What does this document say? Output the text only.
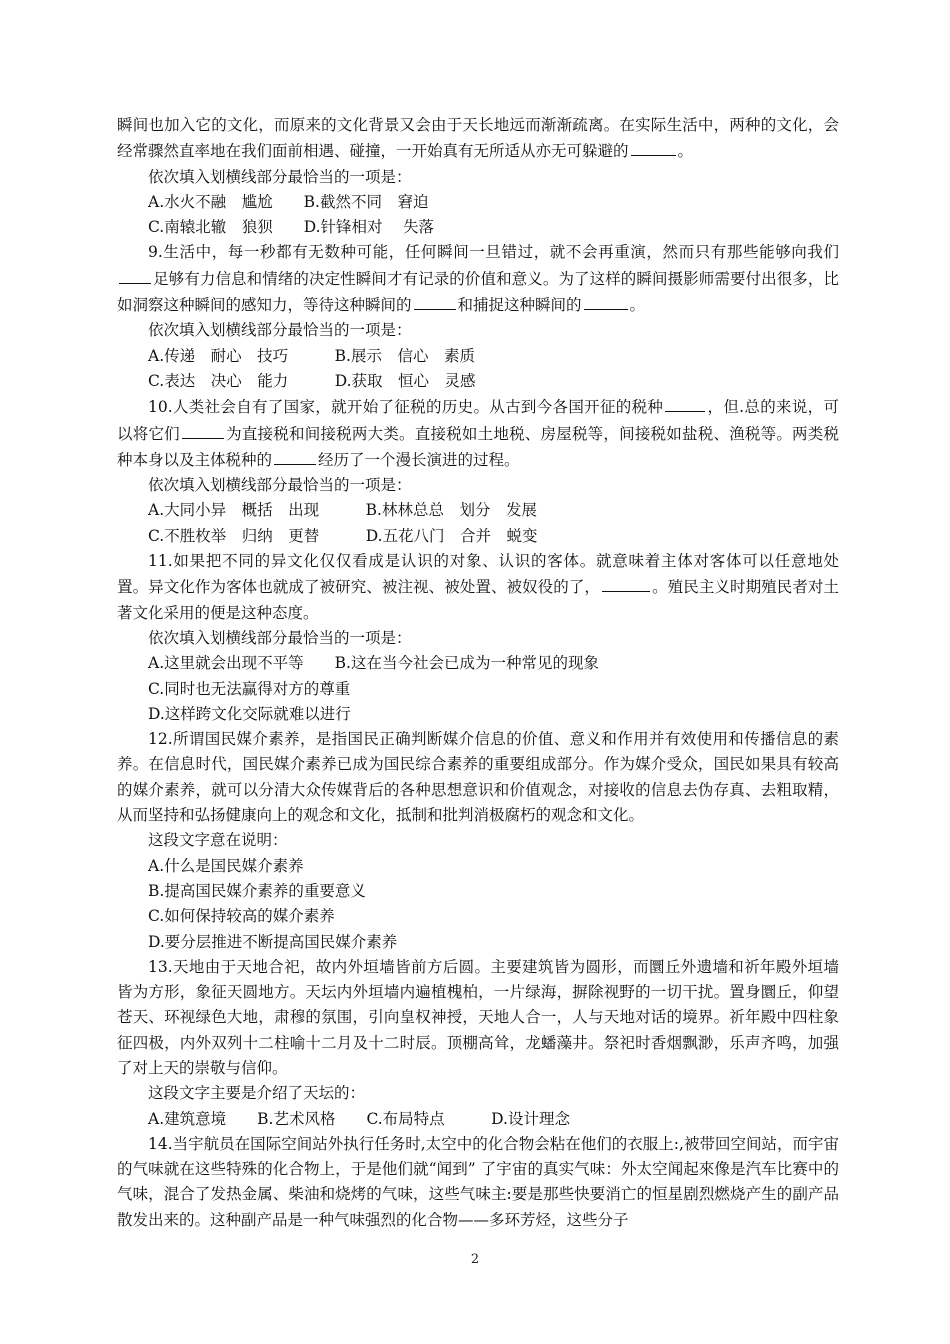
瞬间也加入它的文化，而原来的文化背景又会由于天长地远而渐渐疏离。在实际生活中，两种的文化，会经常骤然直率地在我们面前相遇、碰撞，一开始真有无所适从亦无可躲避的	。

依次填入划横线部分最恰当的一项是：

A.水火不融　尴尬　　B.截然不同　窘迫

C.南辕北辙　狼狈　　D.针锋相对　 失落

9.生活中，每一秒都有无数种可能，任何瞬间一旦错过，就不会再重演，然而只有那些能够向我们足够有力信息和情绪的决定性瞬间才有记录的价值和意义。为了这样的瞬间摄影师需要付出很多，比如洞察这种瞬间的感知力，等待这种瞬间的	和捕捉这种瞬间的	。

依次填入划横线部分最恰当的一项是：

A.传递　耐心　技巧　　　B.展示　信心　素质

C.表达　决心　能力　　　D.获取　恒心　灵感

10.人类社会自有了国家，就开始了征税的历史。从古到今各国开征的税种	，但.总的来说，可以将它们	为直接税和间接税两大类。直接税如土地税、房屋税等，间接税如盐税、渔税等。两类税种本身以及主体税种的	经历了一个漫长演进的过程。

依次填入划横线部分最恰当的一项是：

A.大同小异　概括　出现　　　B.林林总总　划分　发展

C.不胜枚举　归纳　更替　　　D.五花八门　合并　蜕变

11.如果把不同的异文化仅仅看成是认识的对象、认识的客体。就意味着主体对客体可以任意地处置。异文化作为客体也就成了被研究、被注视、被处置、被奴役的了，	。殖民主义时期殖民者对土著文化采用的便是这种态度。

依次填入划横线部分最恰当的一项是：

A.这里就会出现不平等　　B.这在当今社会已成为一种常见的现象

C.同时也无法赢得对方的尊重

D.这样跨文化交际就难以进行

12.所谓国民媒介素养，是指国民正确判断媒介信息的价值、意义和作用并有效使用和传播信息的素养。在信息时代，国民媒介素养已成为国民综合素养的重要组成部分。作为媒介受众，国民如果具有较高的媒介素养，就可以分清大众传媒背后的各种思想意识和价值观念，对接收的信息去伪存真、去粗取精，从而坚持和弘扬健康向上的观念和文化，抵制和批判消极腐朽的观念和文化。

这段文字意在说明：

A.什么是国民媒介素养

B.提高国民媒介素养的重要意义

C.如何保持较高的媒介素养

D.要分层推进不断提高国民媒介素养

13.天地由于天地合祀，故内外垣墙皆前方后圆。主要建筑皆为圆形，而圜丘外遗墙和祈年殿外垣墙皆为方形，象征天圆地方。天坛内外垣墙内遍植槐柏，一片绿海，摒除视野的一切干扰。置身圜丘，仰望苍天、环视绿色大地，肃穆的氛围，引向皇权神授，天地人合一，人与天地对话的境界。祈年殿中四柱象征四极，内外双列十二柱喻十二月及十二时辰。顶棚高耸，龙蟠藻井。祭祀时香烟飘渺，乐声齐鸣，加强了对上天的崇敬与信仰。

这段文字主要是介绍了天坛的：

A.建筑意境　　B.艺术风格　　C.布局特点　　　D.设计理念

14.当宇航员在国际空间站外执行任务时,太空中的化合物会粘在他们的衣服上:,被带回空间站，而宇宙的气味就在这些特殊的化合物上，于是他们就“闻到” 了宇宙的真实气味：外太空闻起來像是汽车比赛中的气味，混合了发热金属、柴油和烧烤的气味，这些气味主:要是那些快要消亡的恒星剧烈燃烧产生的副产品散发出来的。这种副产品是一种气味强烈的化合物——多环芳烃，这些分子

2
